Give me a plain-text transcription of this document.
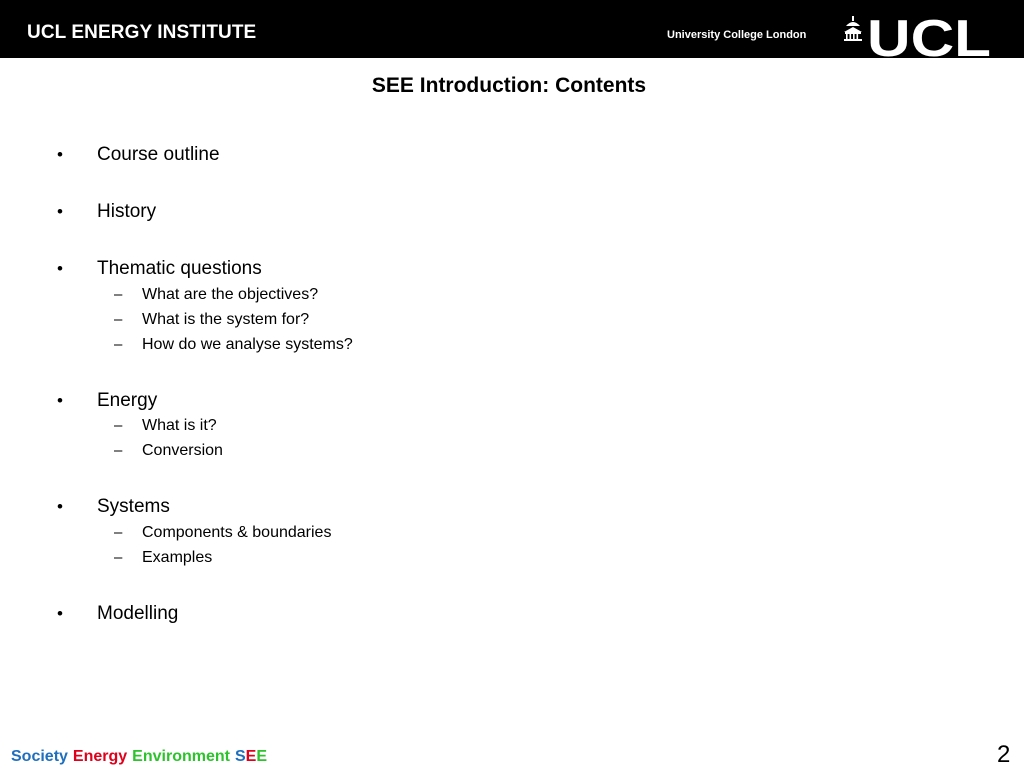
UCL ENERGY INSTITUTE	University College London UCL
SEE Introduction: Contents
•	Course outline
•	History
•	Thematic questions
–	What are the objectives?
–	What is the system for?
–	How do we analyse systems?
•	Energy
–	What is it?
–	Conversion
•	Systems
–	Components & boundaries
–	Examples
•	Modelling
Society Energy Environment SEE	2
